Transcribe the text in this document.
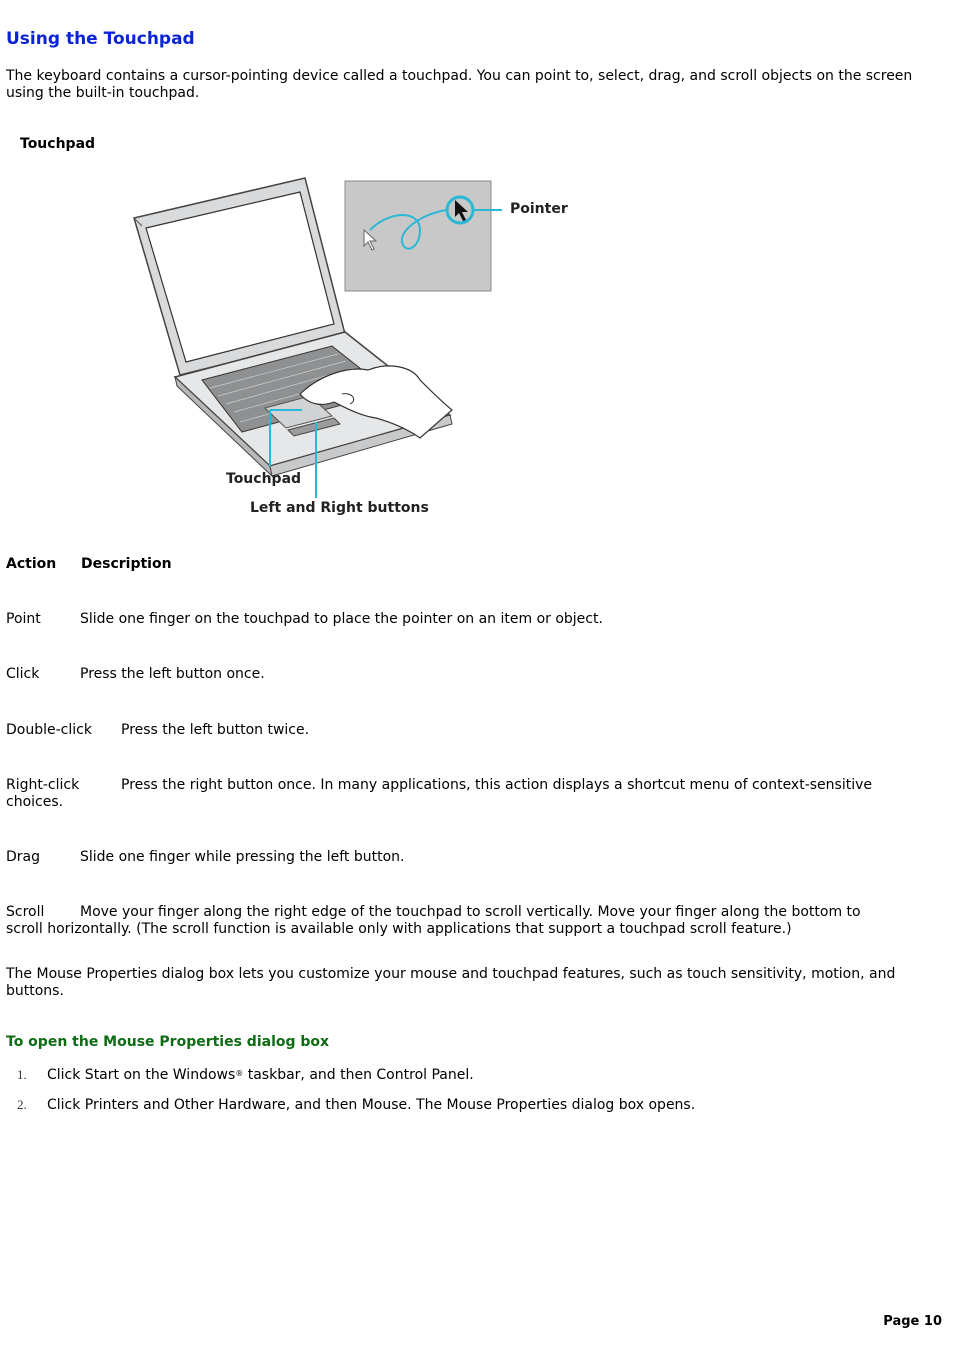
Using the Touchpad
The keyboard contains a cursor-pointing device called a touchpad. You can point to, select, drag, and scroll objects on the screen using the built-in touchpad.
Touchpad
Pointer
Touchpad
Left and Right buttons
Action Description
Point	Slide one finger on the touchpad to place the pointer on an item or object.
Click	Press the left button once.
Double-click Press the left button twice.
Right-click	Press the right button once. In many applications, this action displays a shortcut menu of context-sensitive
choices.
Drag	Slide one finger while pressing the left button.
Scroll	Move your finger along the right edge of the touchpad to scroll vertically. Move your finger along the bottom to
scroll horizontally. (The scroll function is available only with applications that support a touchpad scroll feature.)
The Mouse Properties dialog box lets you customize your mouse and touchpad features, such as touch sensitivity, motion, and buttons.
To open the Mouse Properties dialog box
1. Click Start on the Windows® taskbar, and then Control Panel.
2. Click Printers and Other Hardware, and then Mouse. The Mouse Properties dialog box opens.
Page 10
